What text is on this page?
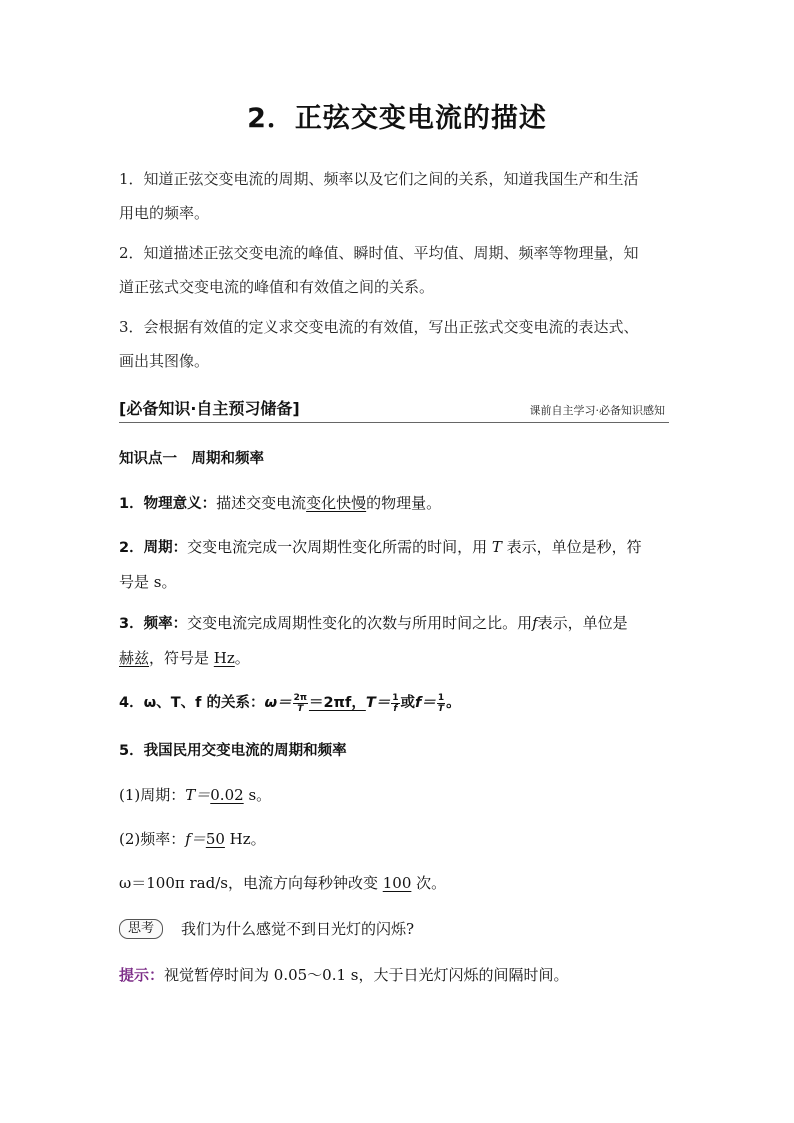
2．正弦交变电流的描述
1．知道正弦交变电流的周期、频率以及它们之间的关系，知道我国生产和生活
用电的频率。
2．知道描述正弦交变电流的峰值、瞬时值、平均值、周期、频率等物理量，知
道正弦式交变电流的峰值和有效值之间的关系。
3．会根据有效值的定义求交变电流的有效值，写出正弦式交变电流的表达式、
画出其图像。
[必备知识·自主预习储备]	课前自主学习·必备知识感知
知识点一　周期和频率
1．物理意义：描述交变电流变化快慢的物理量。
2．周期：交变电流完成一次周期性变化所需的时间，用 T 表示，单位是秒，符
号是 s。
3．频率：交变电流完成周期性变化的次数与所用时间之比。用f表示，单位是
赫兹，符号是 Hz。
4．ω、T、f 的关系：$\omega= \frac{2\pi}{T} =2\pi f$，$T= \frac{1}{f}$ 或$f= \frac{1}{T}$ 。
5．我国民用交变电流的周期和频率
(1)周期：T＝0.02 s。
(2)频率：f＝50 Hz。
ω＝100π rad/s，电流方向每秒钟改变 100 次。
思考 我们为什么感觉不到日光灯的闪烁?
提示：视觉暂停时间为 0.05～0.1 s，大于日光灯闪烁的间隔时间。
